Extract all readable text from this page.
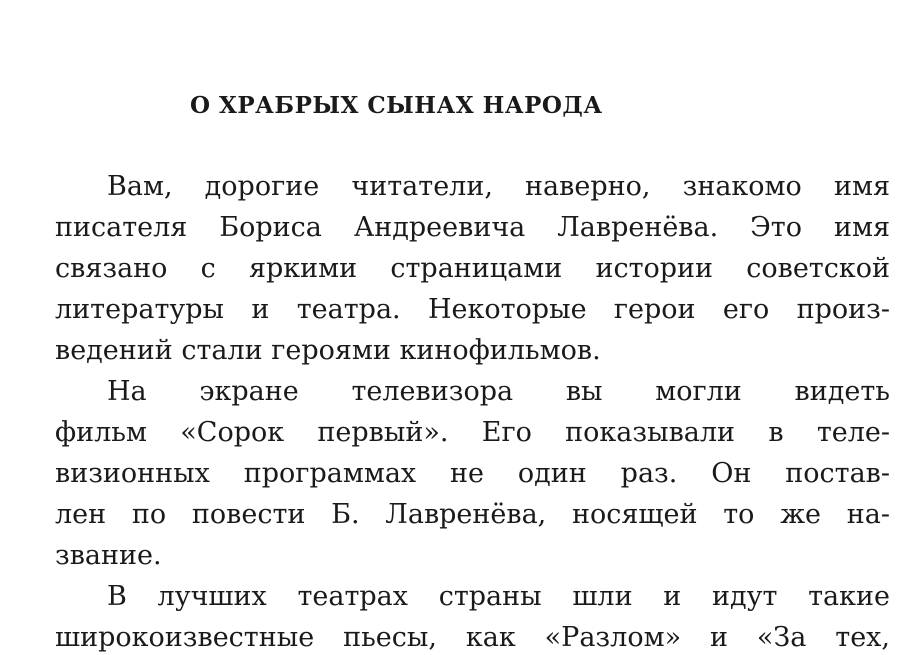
О ХРАБРЫХ СЫНАХ НАРОДА
Вам, дорогие читатели, наверно, знакомо имя
писателя Бориса Андреевича Лавренёва. Это имя
связано с яркими страницами истории советской
литературы и театра. Некоторые герои его произ-
ведений стали героями кинофильмов.
На экране телевизора вы могли видеть
фильм «Сорок первый». Его показывали в теле-
визионных программах не один раз. Он постав-
лен по повести Б. Лавренёва, носящей то же на-
звание.
В лучших театрах страны шли и идут такие
широкоизвестные пьесы, как «Разлом» и «За тех,
